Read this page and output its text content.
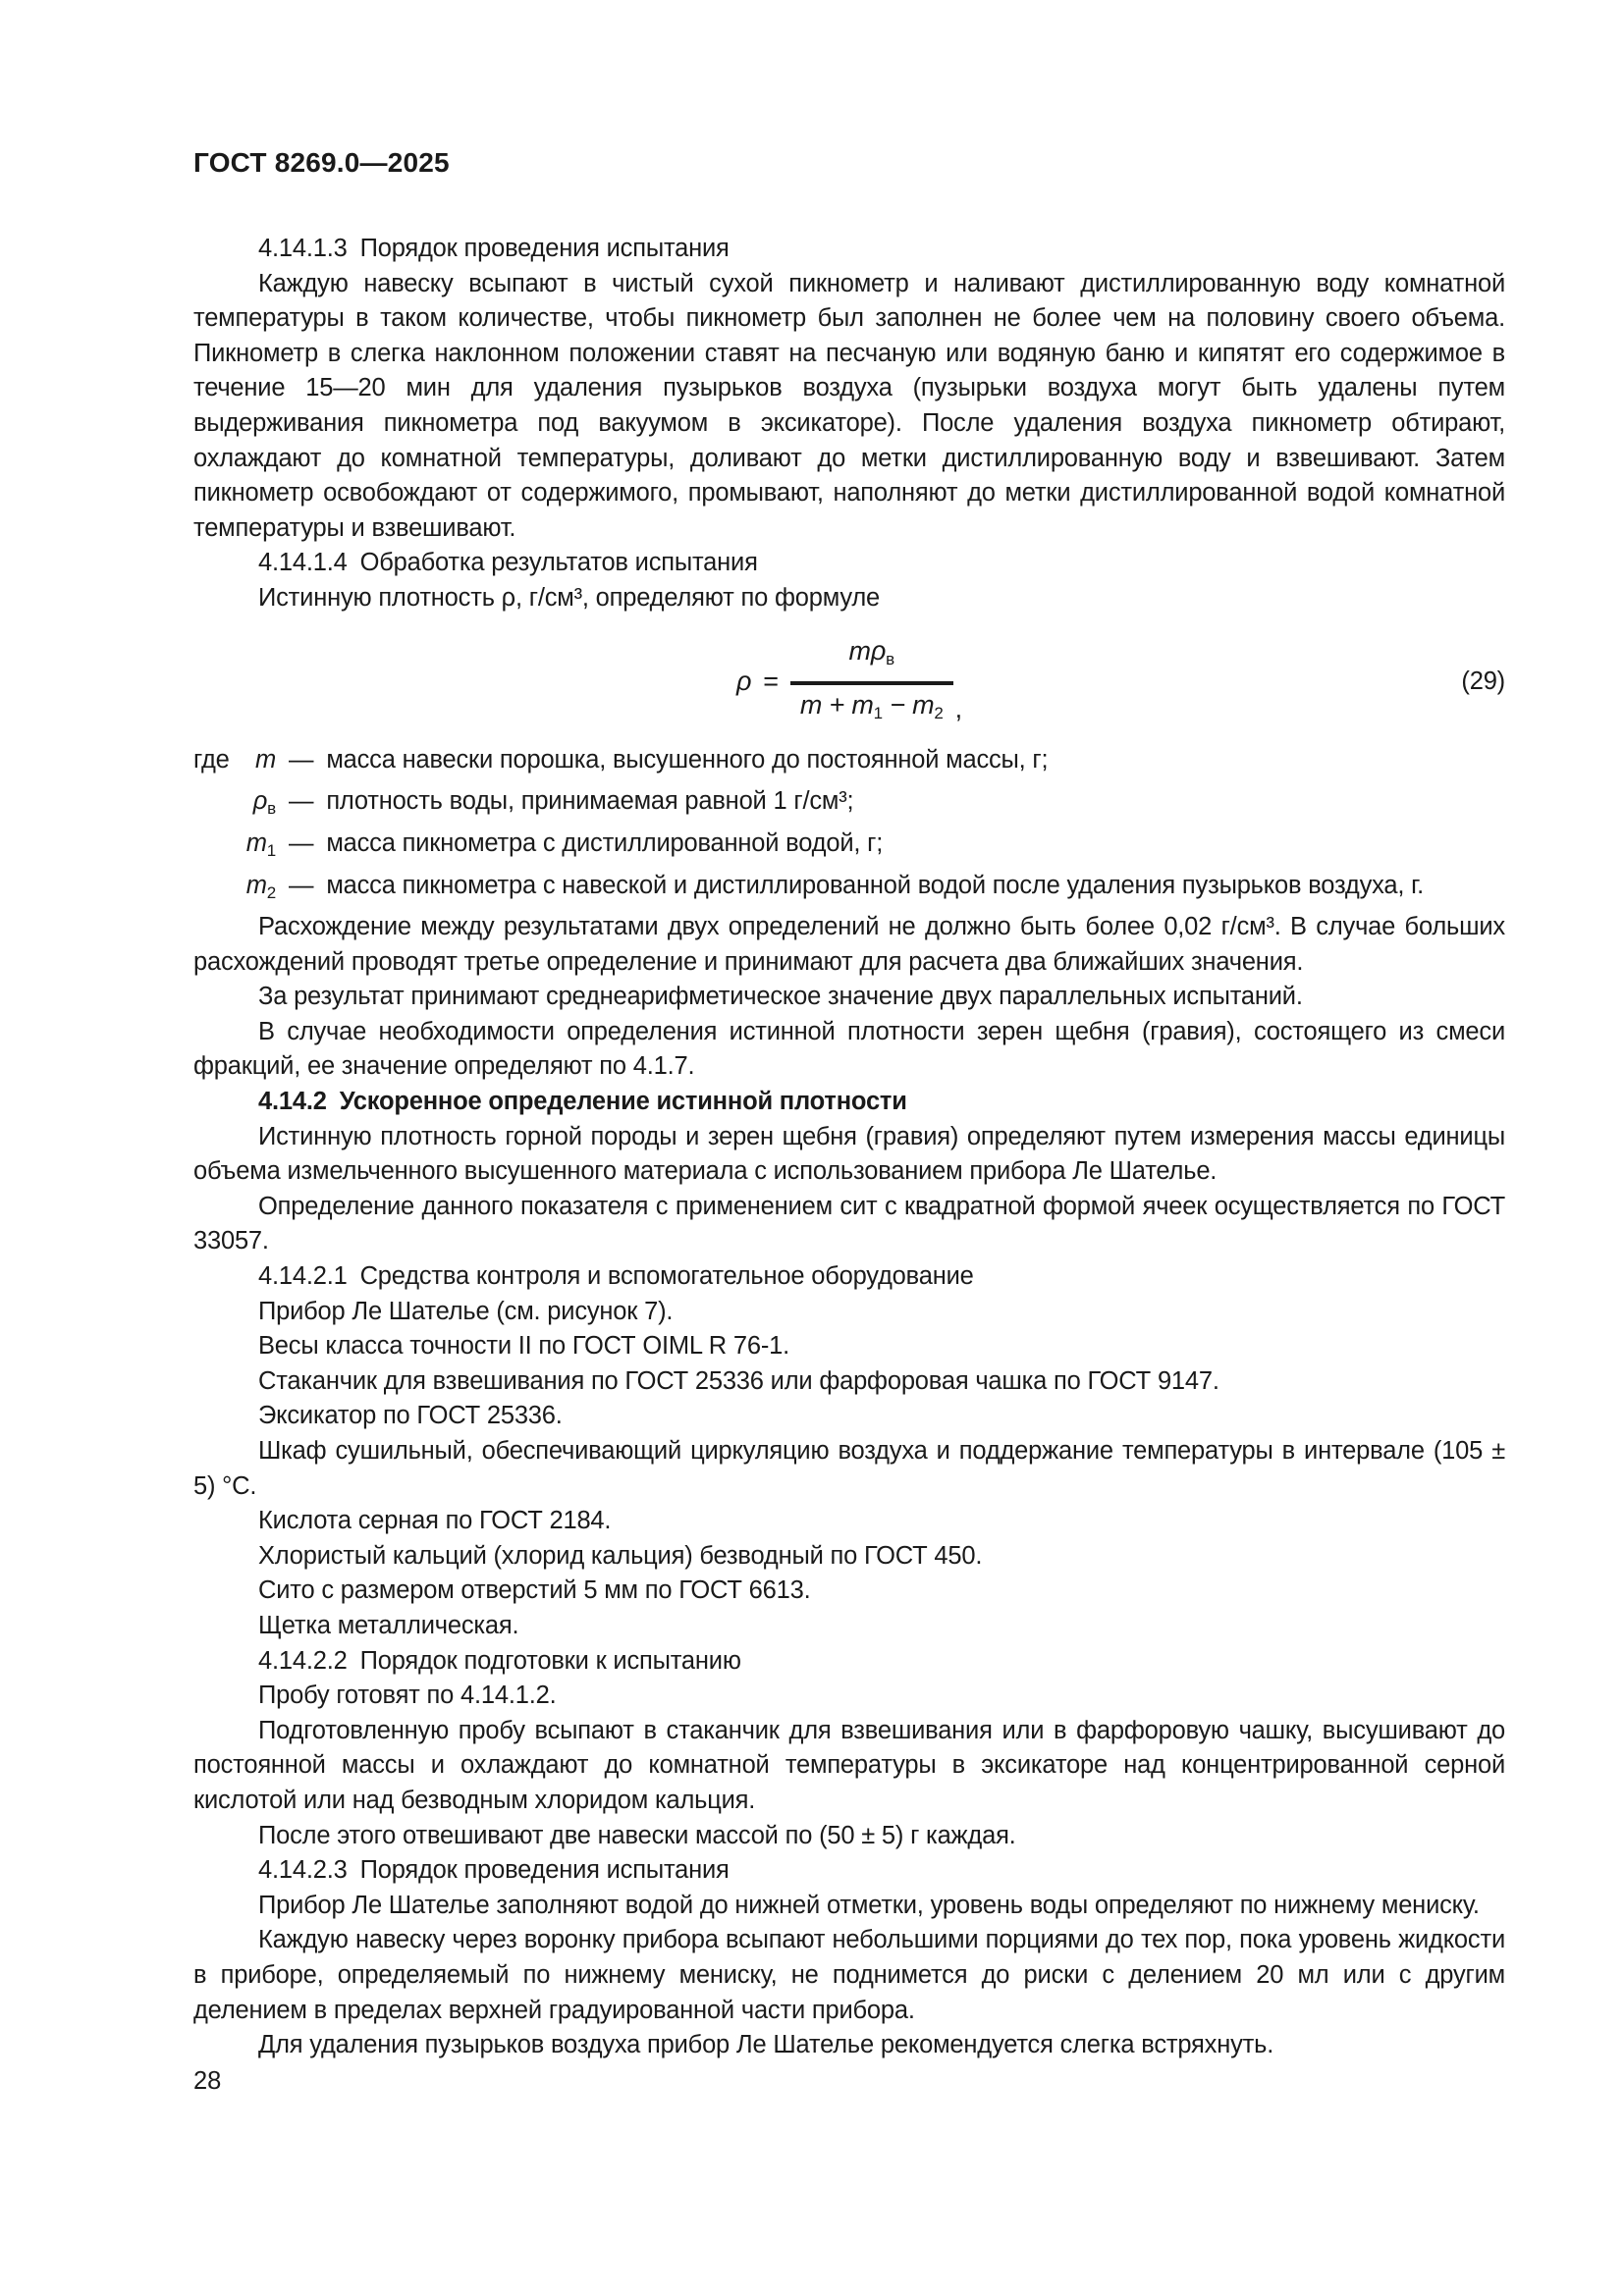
ГОСТ 8269.0—2025

4.14.1.3 Порядок проведения испытания

Каждую навеску всыпают в чистый сухой пикнометр и наливают дистиллированную воду комнатной температуры в таком количестве, чтобы пикнометр был заполнен не более чем на половину своего объема. Пикнометр в слегка наклонном положении ставят на песчаную или водяную баню и кипятят его содержимое в течение 15—20 мин для удаления пузырьков воздуха (пузырьки воздуха могут быть удалены путем выдерживания пикнометра под вакуумом в эксикаторе). После удаления воздуха пикнометр обтирают, охлаждают до комнатной температуры, доливают до метки дистиллированную воду и взвешивают. Затем пикнометр освобождают от содержимого, промывают, наполняют до метки дистиллированной водой комнатной температуры и взвешивают.

4.14.1.4 Обработка результатов испытания

Истинную плотность ρ, г/см³, определяют по формуле

$\rho = \frac{\text{mρв}}{m + m1 - m2}$ ,
(29)
где	m — масса навески порошка, высушенного до постоянной массы, г;
ρв — плотность воды, принимаемая равной 1 г/см³;
m1 — масса пикнометра с дистиллированной водой, г;
m2 — масса пикнометра с навеской и дистиллированной водой после удаления пузырьков воздуха, г.

Расхождение между результатами двух определений не должно быть более 0,02 г/см³. В случае больших расхождений проводят третье определение и принимают для расчета два ближайших значения.

За результат принимают среднеарифметическое значение двух параллельных испытаний.

В случае необходимости определения истинной плотности зерен щебня (гравия), состоящего из смеси фракций, ее значение определяют по 4.1.7.

4.14.2 Ускоренное определение истинной плотности

Истинную плотность горной породы и зерен щебня (гравия) определяют путем измерения массы единицы объема измельченного высушенного материала с использованием прибора Ле Шателье.

Определение данного показателя с применением сит с квадратной формой ячеек осуществляется по ГОСТ 33057.

4.14.2.1 Средства контроля и вспомогательное оборудование

Прибор Ле Шателье (см. рисунок 7).

Весы класса точности II по ГОСТ OIML R 76-1.

Стаканчик для взвешивания по ГОСТ 25336 или фарфоровая чашка по ГОСТ 9147.

Эксикатор по ГОСТ 25336.

Шкаф сушильный, обеспечивающий циркуляцию воздуха и поддержание температуры в интервале (105 ± 5) °С.

Кислота серная по ГОСТ 2184.

Хлористый кальций (хлорид кальция) безводный по ГОСТ 450.

Сито с размером отверстий 5 мм по ГОСТ 6613.

Щетка металлическая.

4.14.2.2 Порядок подготовки к испытанию

Пробу готовят по 4.14.1.2.

Подготовленную пробу всыпают в стаканчик для взвешивания или в фарфоровую чашку, высушивают до постоянной массы и охлаждают до комнатной температуры в эксикаторе над концентрированной серной кислотой или над безводным хлоридом кальция.

После этого отвешивают две навески массой по (50 ± 5) г каждая.

4.14.2.3 Порядок проведения испытания

Прибор Ле Шателье заполняют водой до нижней отметки, уровень воды определяют по нижнему мениску.

Каждую навеску через воронку прибора всыпают небольшими порциями до тех пор, пока уровень жидкости в приборе, определяемый по нижнему мениску, не поднимется до риски с делением 20 мл или с другим делением в пределах верхней градуированной части прибора.

Для удаления пузырьков воздуха прибор Ле Шателье рекомендуется слегка встряхнуть.

28
